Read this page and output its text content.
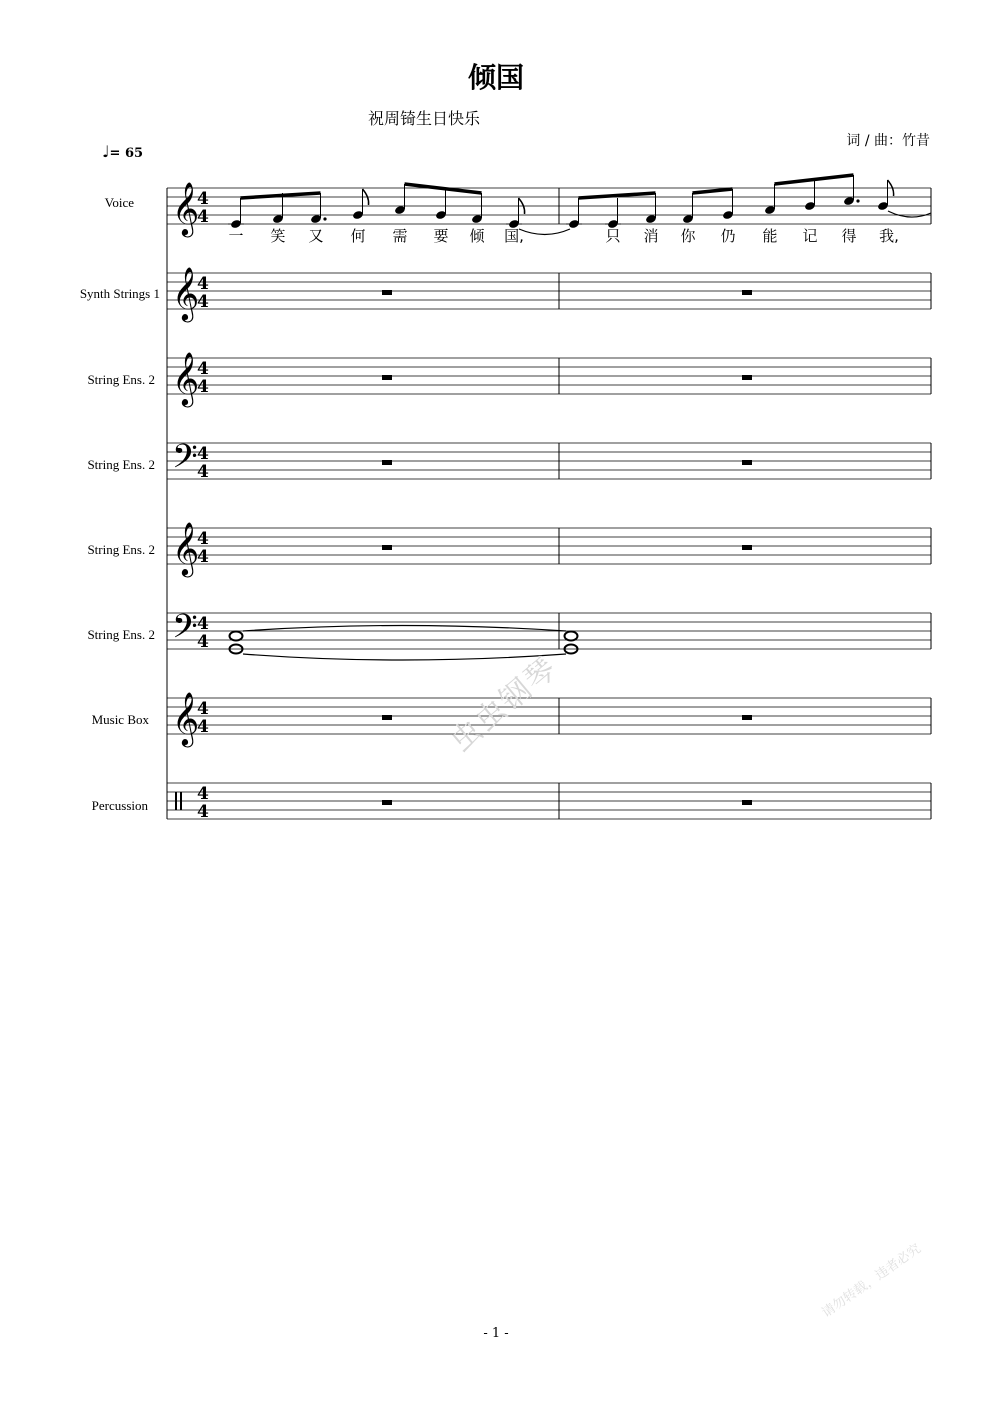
倾国
祝周锜生日快乐
词 / 曲：竹昔
♩= 65
Voice
Synth Strings 1
String Ens. 2
String Ens. 2
String Ens. 2
String Ens. 2
Music Box
Percussion
𝄞
4
4
𝄞
4
4
𝄞
4
4
𝄢 4
4
𝄞
4
4
𝄢 4
4
𝄞
4
4
4
4
一 笑 又 何 需 要 倾 国,	只 消 你 仍 能 记 得 我,
虫虫钢琴
请勿转载，违者必究
- 1 -
